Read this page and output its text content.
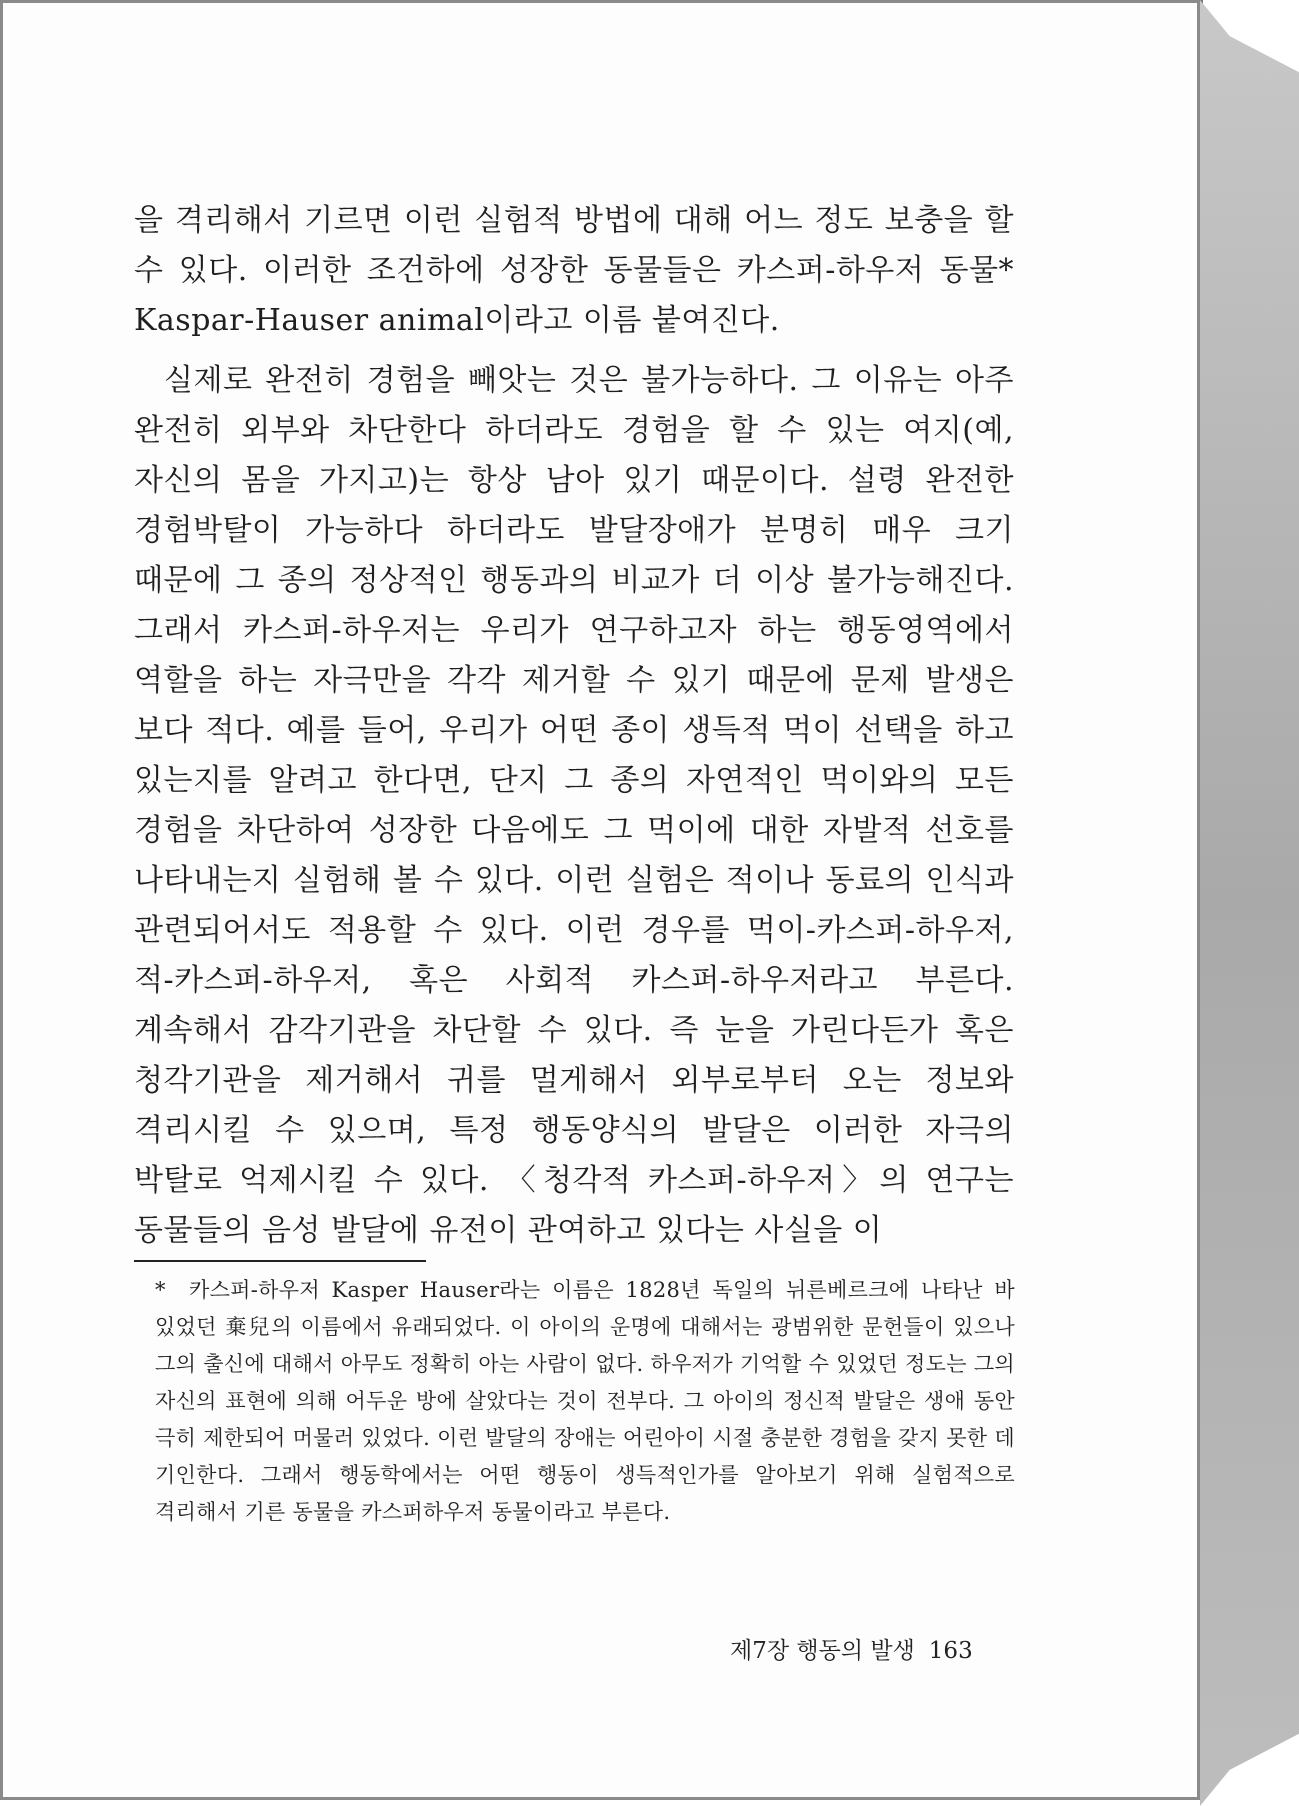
을 격리해서 기르면 이런 실험적 방법에 대해 어느 정도 보충을 할 수 있다. 이러한 조건하에 성장한 동물들은 카스퍼-하우저 동물* Kaspar-Hauser animal이라고 이름 붙여진다.

실제로 완전히 경험을 빼앗는 것은 불가능하다. 그 이유는 아주 완전히 외부와 차단한다 하더라도 경험을 할 수 있는 여지(예, 자신의 몸을 가지고)는 항상 남아 있기 때문이다. 설령 완전한 경험박탈이 가능하다 하더라도 발달장애가 분명히 매우 크기 때문에 그 종의 정상적인 행동과의 비교가 더 이상 불가능해진다. 그래서 카스퍼-하우저는 우리가 연구하고자 하는 행동영역에서 역할을 하는 자극만을 각각 제거할 수 있기 때문에 문제 발생은 보다 적다. 예를 들어, 우리가 어떤 종이 생득적 먹이 선택을 하고 있는지를 알려고 한다면, 단지 그 종의 자연적인 먹이와의 모든 경험을 차단하여 성장한 다음에도 그 먹이에 대한 자발적 선호를 나타내는지 실험해 볼 수 있다. 이런 실험은 적이나 동료의 인식과 관련되어서도 적용할 수 있다. 이런 경우를 먹이-카스퍼-하우저, 적-카스퍼-하우저, 혹은 사회적 카스퍼-하우저라고 부른다. 계속해서 감각기관을 차단할 수 있다. 즉 눈을 가린다든가 혹은 청각기관을 제거해서 귀를 멀게해서 외부로부터 오는 정보와 격리시킬 수 있으며, 특정 행동양식의 발달은 이러한 자극의 박탈로 억제시킬 수 있다. 〈청각적 카스퍼-하우저〉의 연구는 동물들의 음성 발달에 유전이 관여하고 있다는 사실을 이

* 카스퍼-하우저 Kasper Hauser라는 이름은 1828년 독일의 뉘른베르크에 나타난 바 있었던 棄兒의 이름에서 유래되었다. 이 아이의 운명에 대해서는 광범위한 문헌들이 있으나 그의 출신에 대해서 아무도 정확히 아는 사람이 없다. 하우저가 기억할 수 있었던 정도는 그의 자신의 표현에 의해 어두운 방에 살았다는 것이 전부다. 그 아이의 정신적 발달은 생애 동안 극히 제한되어 머물러 있었다. 이런 발달의 장애는 어린아이 시절 충분한 경험을 갖지 못한 데 기인한다. 그래서 행동학에서는 어떤 행동이 생득적인가를 알아보기 위해 실험적으로 격리해서 기른 동물을 카스퍼하우저 동물이라고 부른다.
제7장 행동의 발생 163
